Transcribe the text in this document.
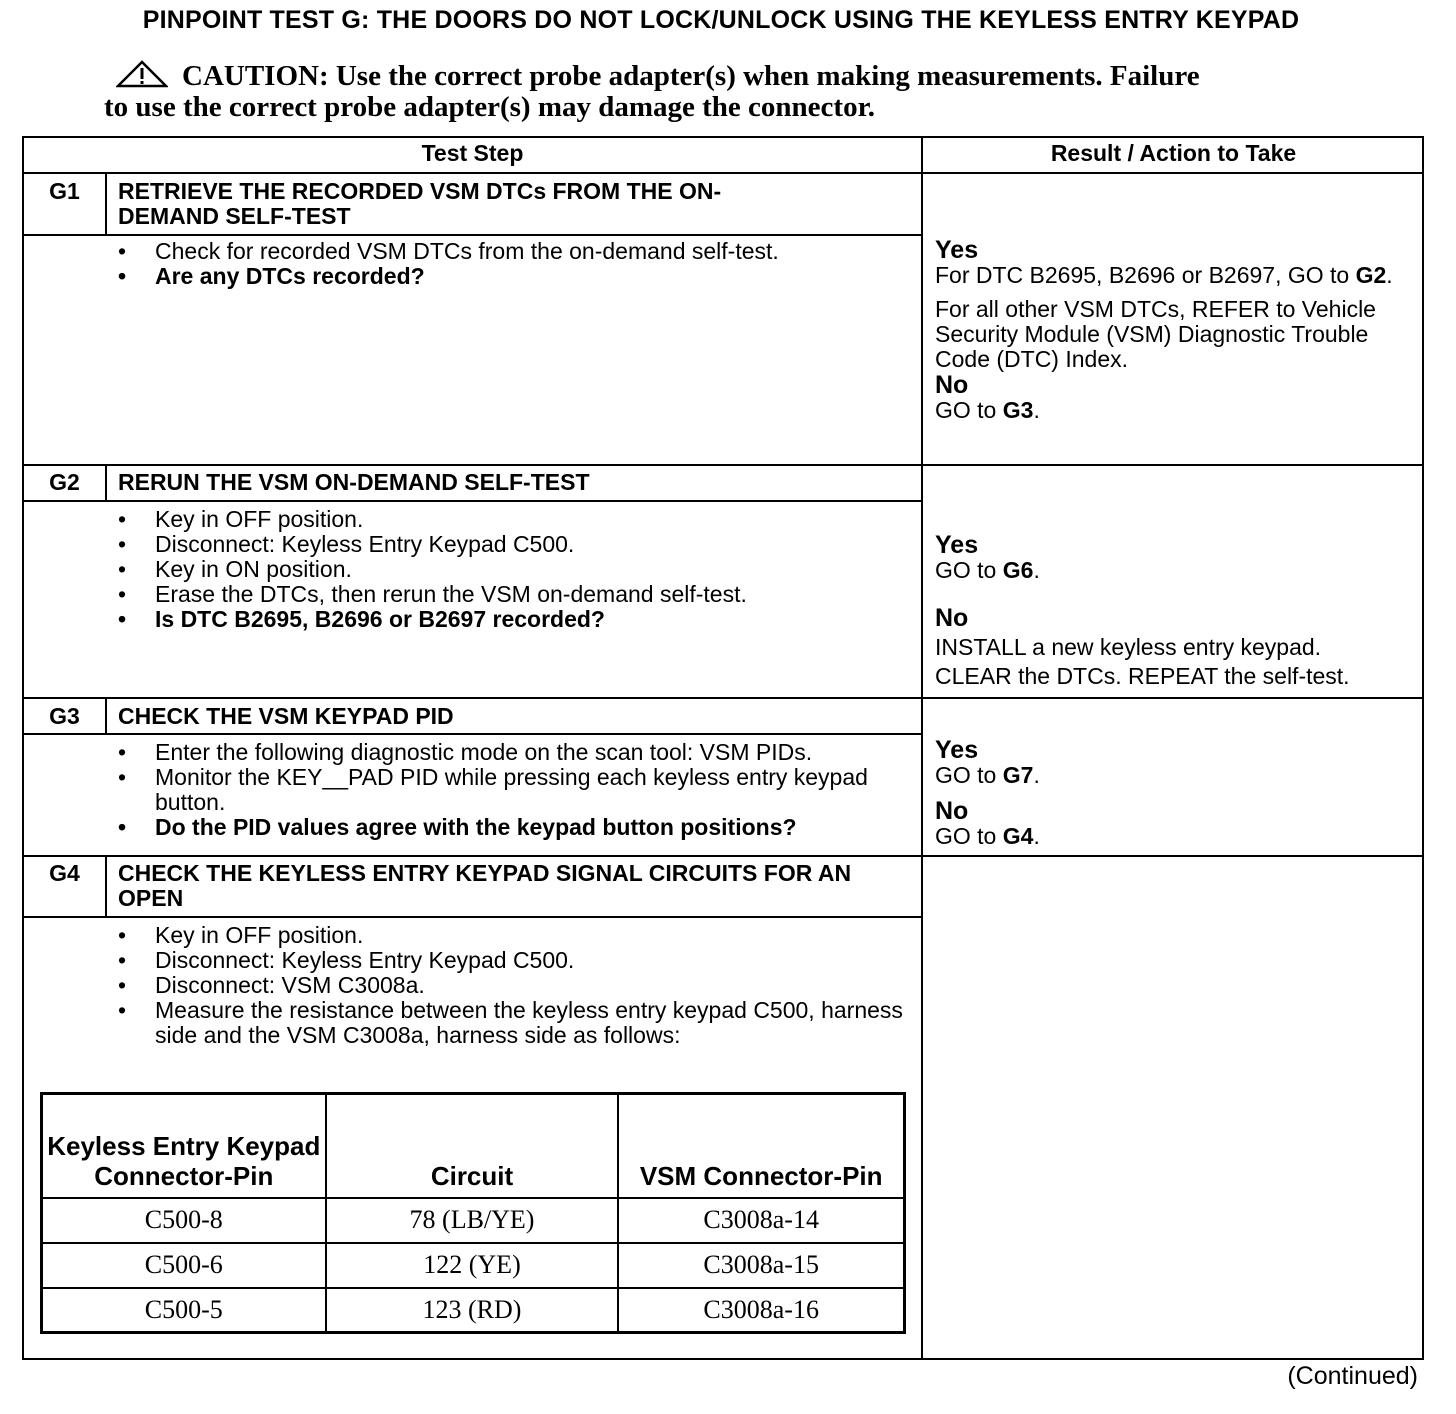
PINPOINT TEST G: THE DOORS DO NOT LOCK/UNLOCK USING THE KEYLESS ENTRY KEYPAD
CAUTION: Use the correct probe adapter(s) when making measurements. Failure
to use the correct probe adapter(s) may damage the connector.
Test Step	Result / Action to Take
G1	RETRIEVE THE RECORDED VSM DTCs FROM THE ON-DEMAND SELF-TEST
• Check for recorded VSM DTCs from the on-demand self-test.
• Are any DTCs recorded?
Yes
For DTC B2695, B2696 or B2697, GO to G2.
For all other VSM DTCs, REFER to Vehicle Security Module (VSM) Diagnostic Trouble Code (DTC) Index.
No
GO to G3.
G2	RERUN THE VSM ON-DEMAND SELF-TEST
• Key in OFF position.
• Disconnect: Keyless Entry Keypad C500.
• Key in ON position.
• Erase the DTCs, then rerun the VSM on-demand self-test.
• Is DTC B2695, B2696 or B2697 recorded?
Yes
GO to G6.
No
INSTALL a new keyless entry keypad.
CLEAR the DTCs. REPEAT the self-test.
G3	CHECK THE VSM KEYPAD PID
• Enter the following diagnostic mode on the scan tool: VSM PIDs.
• Monitor the KEY__PAD PID while pressing each keyless entry keypad button.
• Do the PID values agree with the keypad button positions?
Yes
GO to G7.
No
GO to G4.
G4	CHECK THE KEYLESS ENTRY KEYPAD SIGNAL CIRCUITS FOR AN OPEN
• Key in OFF position.
• Disconnect: Keyless Entry Keypad C500.
• Disconnect: VSM C3008a.
• Measure the resistance between the keyless entry keypad C500, harness side and the VSM C3008a, harness side as follows:
Keyless Entry Keypad Connector-Pin	Circuit	VSM Connector-Pin
C500-8	78 (LB/YE)	C3008a-14
C500-6	122 (YE)	C3008a-15
C500-5	123 (RD)	C3008a-16
(Continued)
